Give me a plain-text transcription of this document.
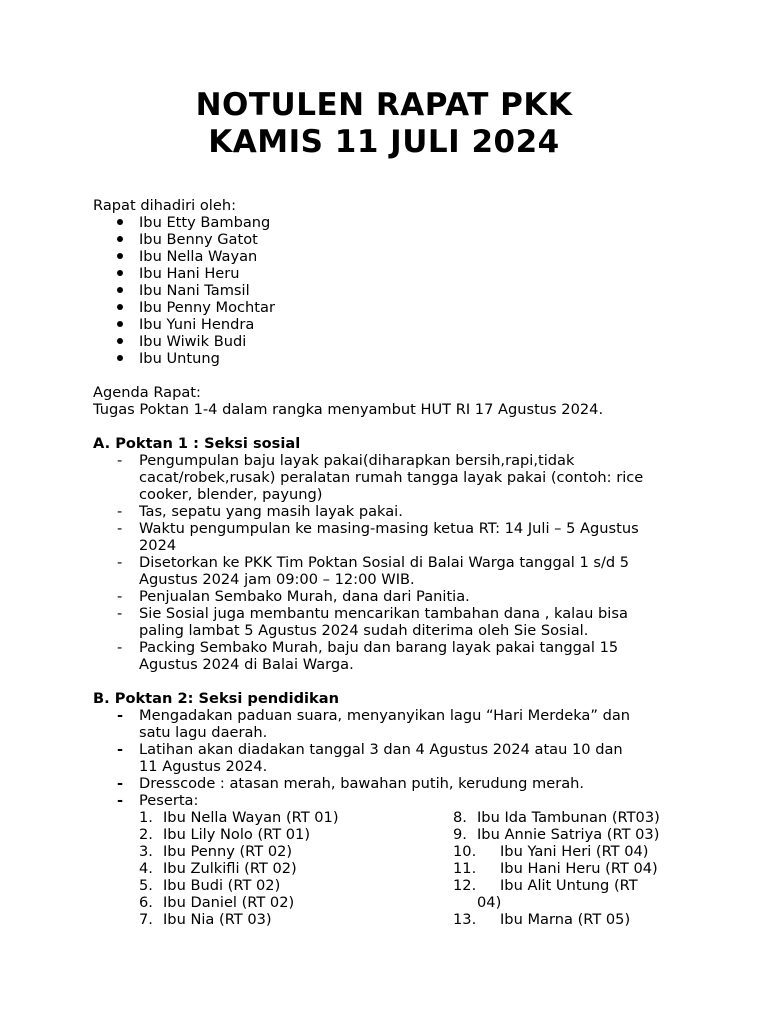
NOTULEN RAPAT PKK
KAMIS 11 JULI 2024
Rapat dihadiri oleh:
Ibu Etty Bambang
Ibu Benny Gatot
Ibu Nella Wayan
Ibu Hani Heru
Ibu Nani Tamsil
Ibu Penny Mochtar
Ibu Yuni Hendra
Ibu Wiwik Budi
Ibu Untung
Agenda Rapat:
Tugas Poktan 1-4 dalam rangka menyambut HUT RI 17 Agustus 2024.
A. Poktan 1 : Seksi sosial
- Pengumpulan baju layak pakai(diharapkan bersih,rapi,tidak
cacat/robek,rusak) peralatan rumah tangga layak pakai (contoh: rice
cooker, blender, payung)
- Tas, sepatu yang masih layak pakai.
- Waktu pengumpulan ke masing-masing ketua RT: 14 Juli – 5 Agustus
2024
- Disetorkan ke PKK Tim Poktan Sosial di Balai Warga tanggal 1 s/d 5
Agustus 2024 jam 09:00 – 12:00 WIB.
- Penjualan Sembako Murah, dana dari Panitia.
- Sie Sosial juga membantu mencarikan tambahan dana , kalau bisa
paling lambat 5 Agustus 2024 sudah diterima oleh Sie Sosial.
- Packing Sembako Murah, baju dan barang layak pakai tanggal 15
Agustus 2024 di Balai Warga.
B. Poktan 2: Seksi pendidikan
- Mengadakan paduan suara, menyanyikan lagu “Hari Merdeka” dan
satu lagu daerah.
- Latihan akan diadakan tanggal 3 dan 4 Agustus 2024 atau 10 dan
11 Agustus 2024.
- Dresscode : atasan merah, bawahan putih, kerudung merah.
- Peserta:
1. Ibu Nella Wayan (RT 01)
2. Ibu Lily Nolo (RT 01)
3. Ibu Penny (RT 02)
4. Ibu Zulkifli (RT 02)
5. Ibu Budi (RT 02)
6. Ibu Daniel (RT 02)
7. Ibu Nia (RT 03)
8. Ibu Ida Tambunan (RT03)
9. Ibu Annie Satriya (RT 03)
10. Ibu Yani Heri (RT 04)
11. Ibu Hani Heru (RT 04)
12. Ibu Alit Untung (RT
04)
13. Ibu Marna (RT 05)
